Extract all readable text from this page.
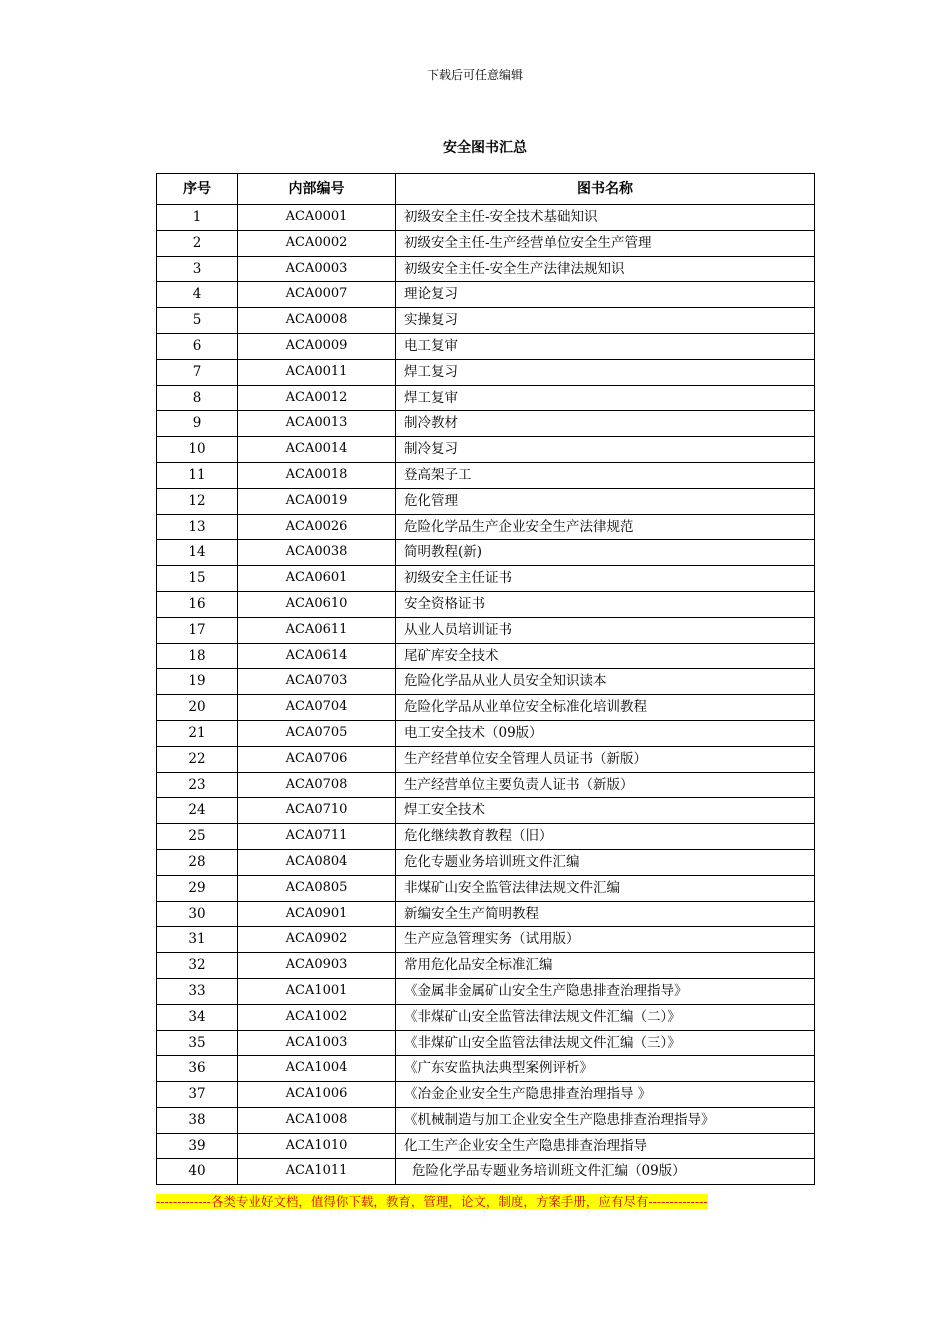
下载后可任意编辑
安全图书汇总
序号	内部编号	图书名称
1	ACA0001	初级安全主任-安全技术基础知识
2	ACA0002	初级安全主任-生产经营单位安全生产管理
3	ACA0003	初级安全主任-安全生产法律法规知识
4	ACA0007	理论复习
5	ACA0008	实操复习
6	ACA0009	电工复审
7	ACA0011	焊工复习
8	ACA0012	焊工复审
9	ACA0013	制冷教材
10	ACA0014	制冷复习
11	ACA0018	登高架子工
12	ACA0019	危化管理
13	ACA0026	危险化学品生产企业安全生产法律规范
14	ACA0038	简明教程(新)
15	ACA0601	初级安全主任证书
16	ACA0610	安全资格证书
17	ACA0611	从业人员培训证书
18	ACA0614	尾矿库安全技术
19	ACA0703	危险化学品从业人员安全知识读本
20	ACA0704	危险化学品从业单位安全标准化培训教程
21	ACA0705	电工安全技术（09版）
22	ACA0706	生产经营单位安全管理人员证书（新版）
23	ACA0708	生产经营单位主要负责人证书（新版）
24	ACA0710	焊工安全技术
25	ACA0711	危化继续教育教程（旧）
28	ACA0804	危化专题业务培训班文件汇编
29	ACA0805	非煤矿山安全监管法律法规文件汇编
30	ACA0901	新编安全生产简明教程
31	ACA0902	生产应急管理实务（试用版）
32	ACA0903	常用危化品安全标准汇编
33	ACA1001	《金属非金属矿山安全生产隐患排查治理指导》
34	ACA1002	《非煤矿山安全监管法律法规文件汇编（二）》
35	ACA1003	《非煤矿山安全监管法律法规文件汇编（三）》
36	ACA1004	《广东安监执法典型案例评析》
37	ACA1006	《冶金企业安全生产隐患排查治理指导 》
38	ACA1008	《机械制造与加工企业安全生产隐患排查治理指导》
39	ACA1010	化工生产企业安全生产隐患排查治理指导
40	ACA1011	危险化学品专题业务培训班文件汇编（09版）
-------------各类专业好文档，值得你下载，教育，管理，论文，制度，方案手册，应有尽有--------------
